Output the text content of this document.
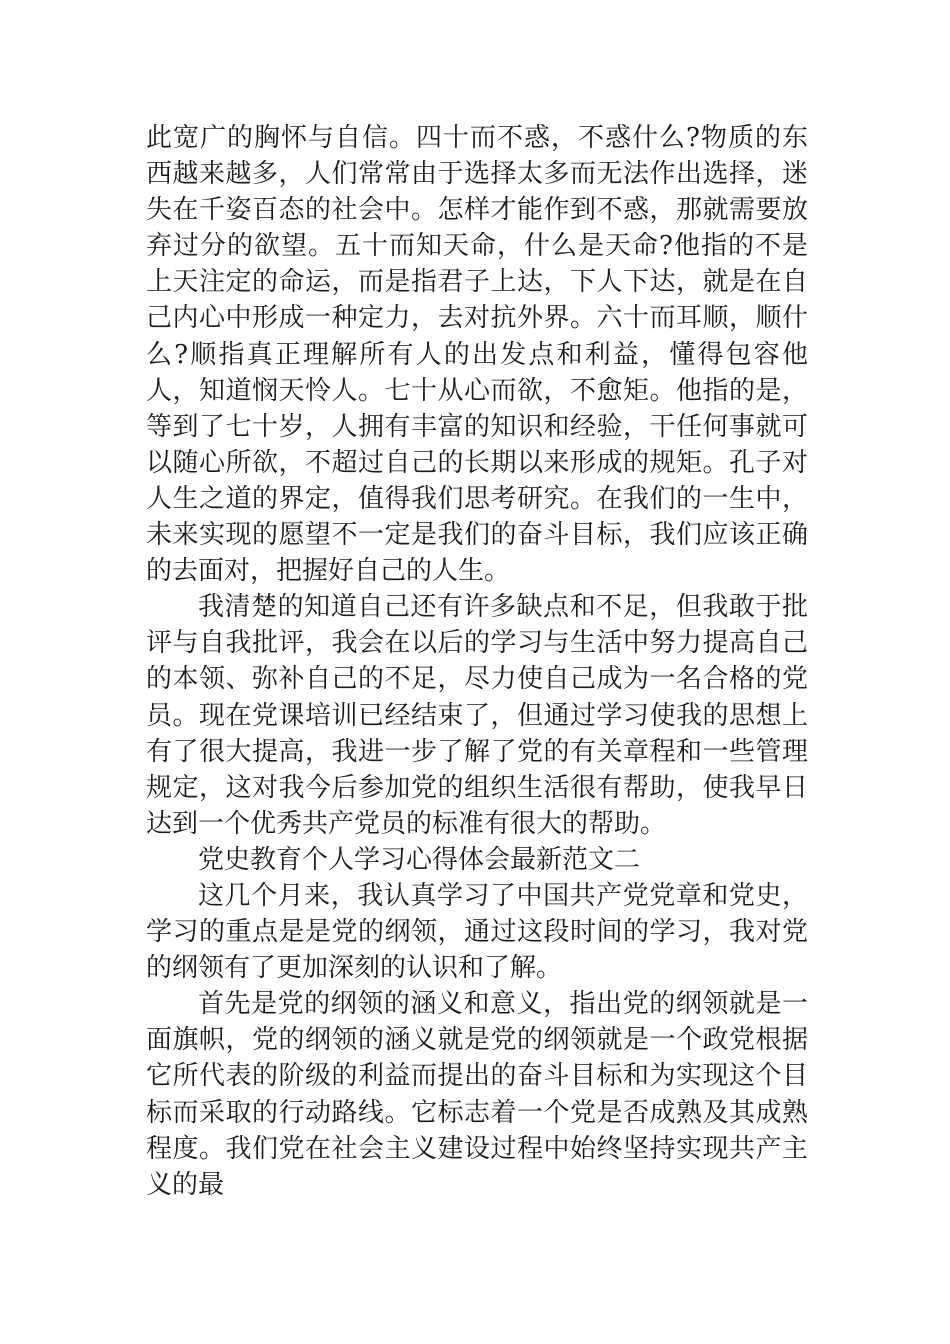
此宽广的胸怀与自信。四十而不惑，不惑什么?物质的东西越来越多，人们常常由于选择太多而无法作出选择，迷失在千姿百态的社会中。怎样才能作到不惑，那就需要放弃过分的欲望。五十而知天命，什么是天命?他指的不是上天注定的命运，而是指君子上达，下人下达，就是在自己内心中形成一种定力，去对抗外界。六十而耳顺，顺什么?顺指真正理解所有人的出发点和利益，懂得包容他人，知道悯天怜人。七十从心而欲，不愈矩。他指的是，等到了七十岁，人拥有丰富的知识和经验，干任何事就可以随心所欲，不超过自己的长期以来形成的规矩。孔子对人生之道的界定，值得我们思考研究。在我们的一生中，未来实现的愿望不一定是我们的奋斗目标，我们应该正确的去面对，把握好自己的人生。

我清楚的知道自己还有许多缺点和不足，但我敢于批评与自我批评，我会在以后的学习与生活中努力提高自己的本领、弥补自己的不足，尽力使自己成为一名合格的党员。现在党课培训已经结束了，但通过学习使我的思想上有了很大提高，我进一步了解了党的有关章程和一些管理规定，这对我今后参加党的组织生活很有帮助，使我早日达到一个优秀共产党员的标准有很大的帮助。

党史教育个人学习心得体会最新范文二

这几个月来，我认真学习了中国共产党党章和党史，学习的重点是是党的纲领，通过这段时间的学习，我对党的纲领有了更加深刻的认识和了解。

首先是党的纲领的涵义和意义，指出党的纲领就是一面旗帜，党的纲领的涵义就是党的纲领就是一个政党根据它所代表的阶级的利益而提出的奋斗目标和为实现这个目标而采取的行动路线。它标志着一个党是否成熟及其成熟程度。我们党在社会主义建设过程中始终坚持实现共产主义的最
